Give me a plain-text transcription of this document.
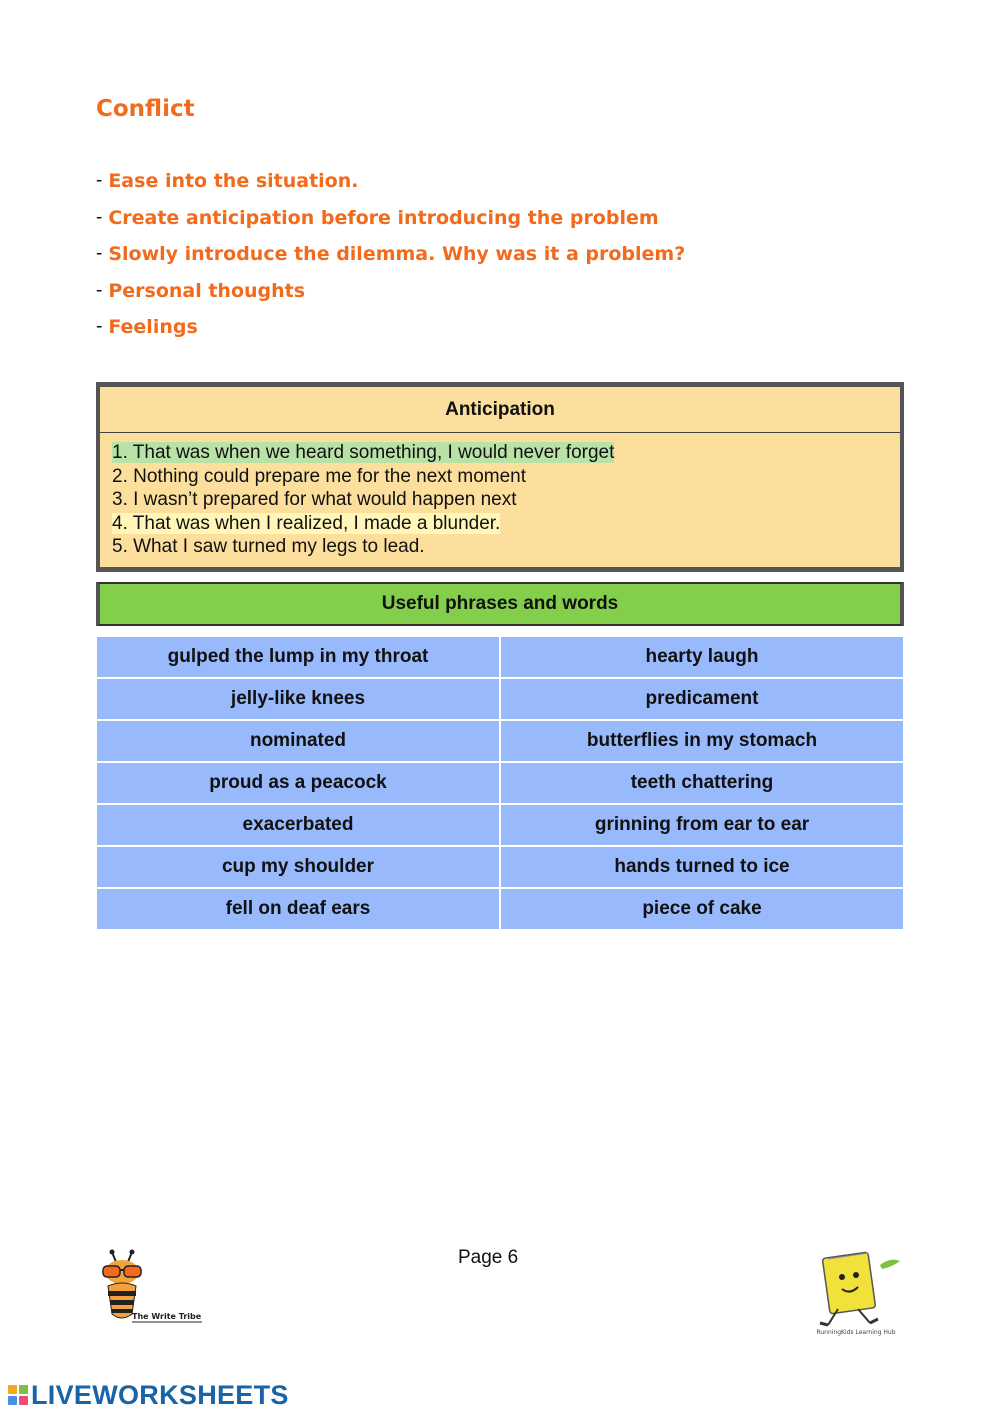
Conflict
- Ease into the situation.
- Create anticipation before introducing the problem
- Slowly introduce the dilemma. Why was it a problem?
- Personal thoughts
- Feelings
Anticipation
1. That was when we heard something, I would never forget
2. Nothing could prepare me for the next moment
3. I wasn’t prepared for what would happen next
4. That was when I realized, I made a blunder.
5. What I saw turned my legs to lead.
Useful phrases and words
gulped the lump in my throat	hearty laugh
jelly-like knees	predicament
nominated	butterflies in my stomach
proud as a peacock	teeth chattering
exacerbated	grinning from ear to ear
cup my shoulder	hands turned to ice
fell on deaf ears	piece of cake
Page 6
The Write Tribe
RunningKids Learning Hub
LIVEWORKSHEETS
